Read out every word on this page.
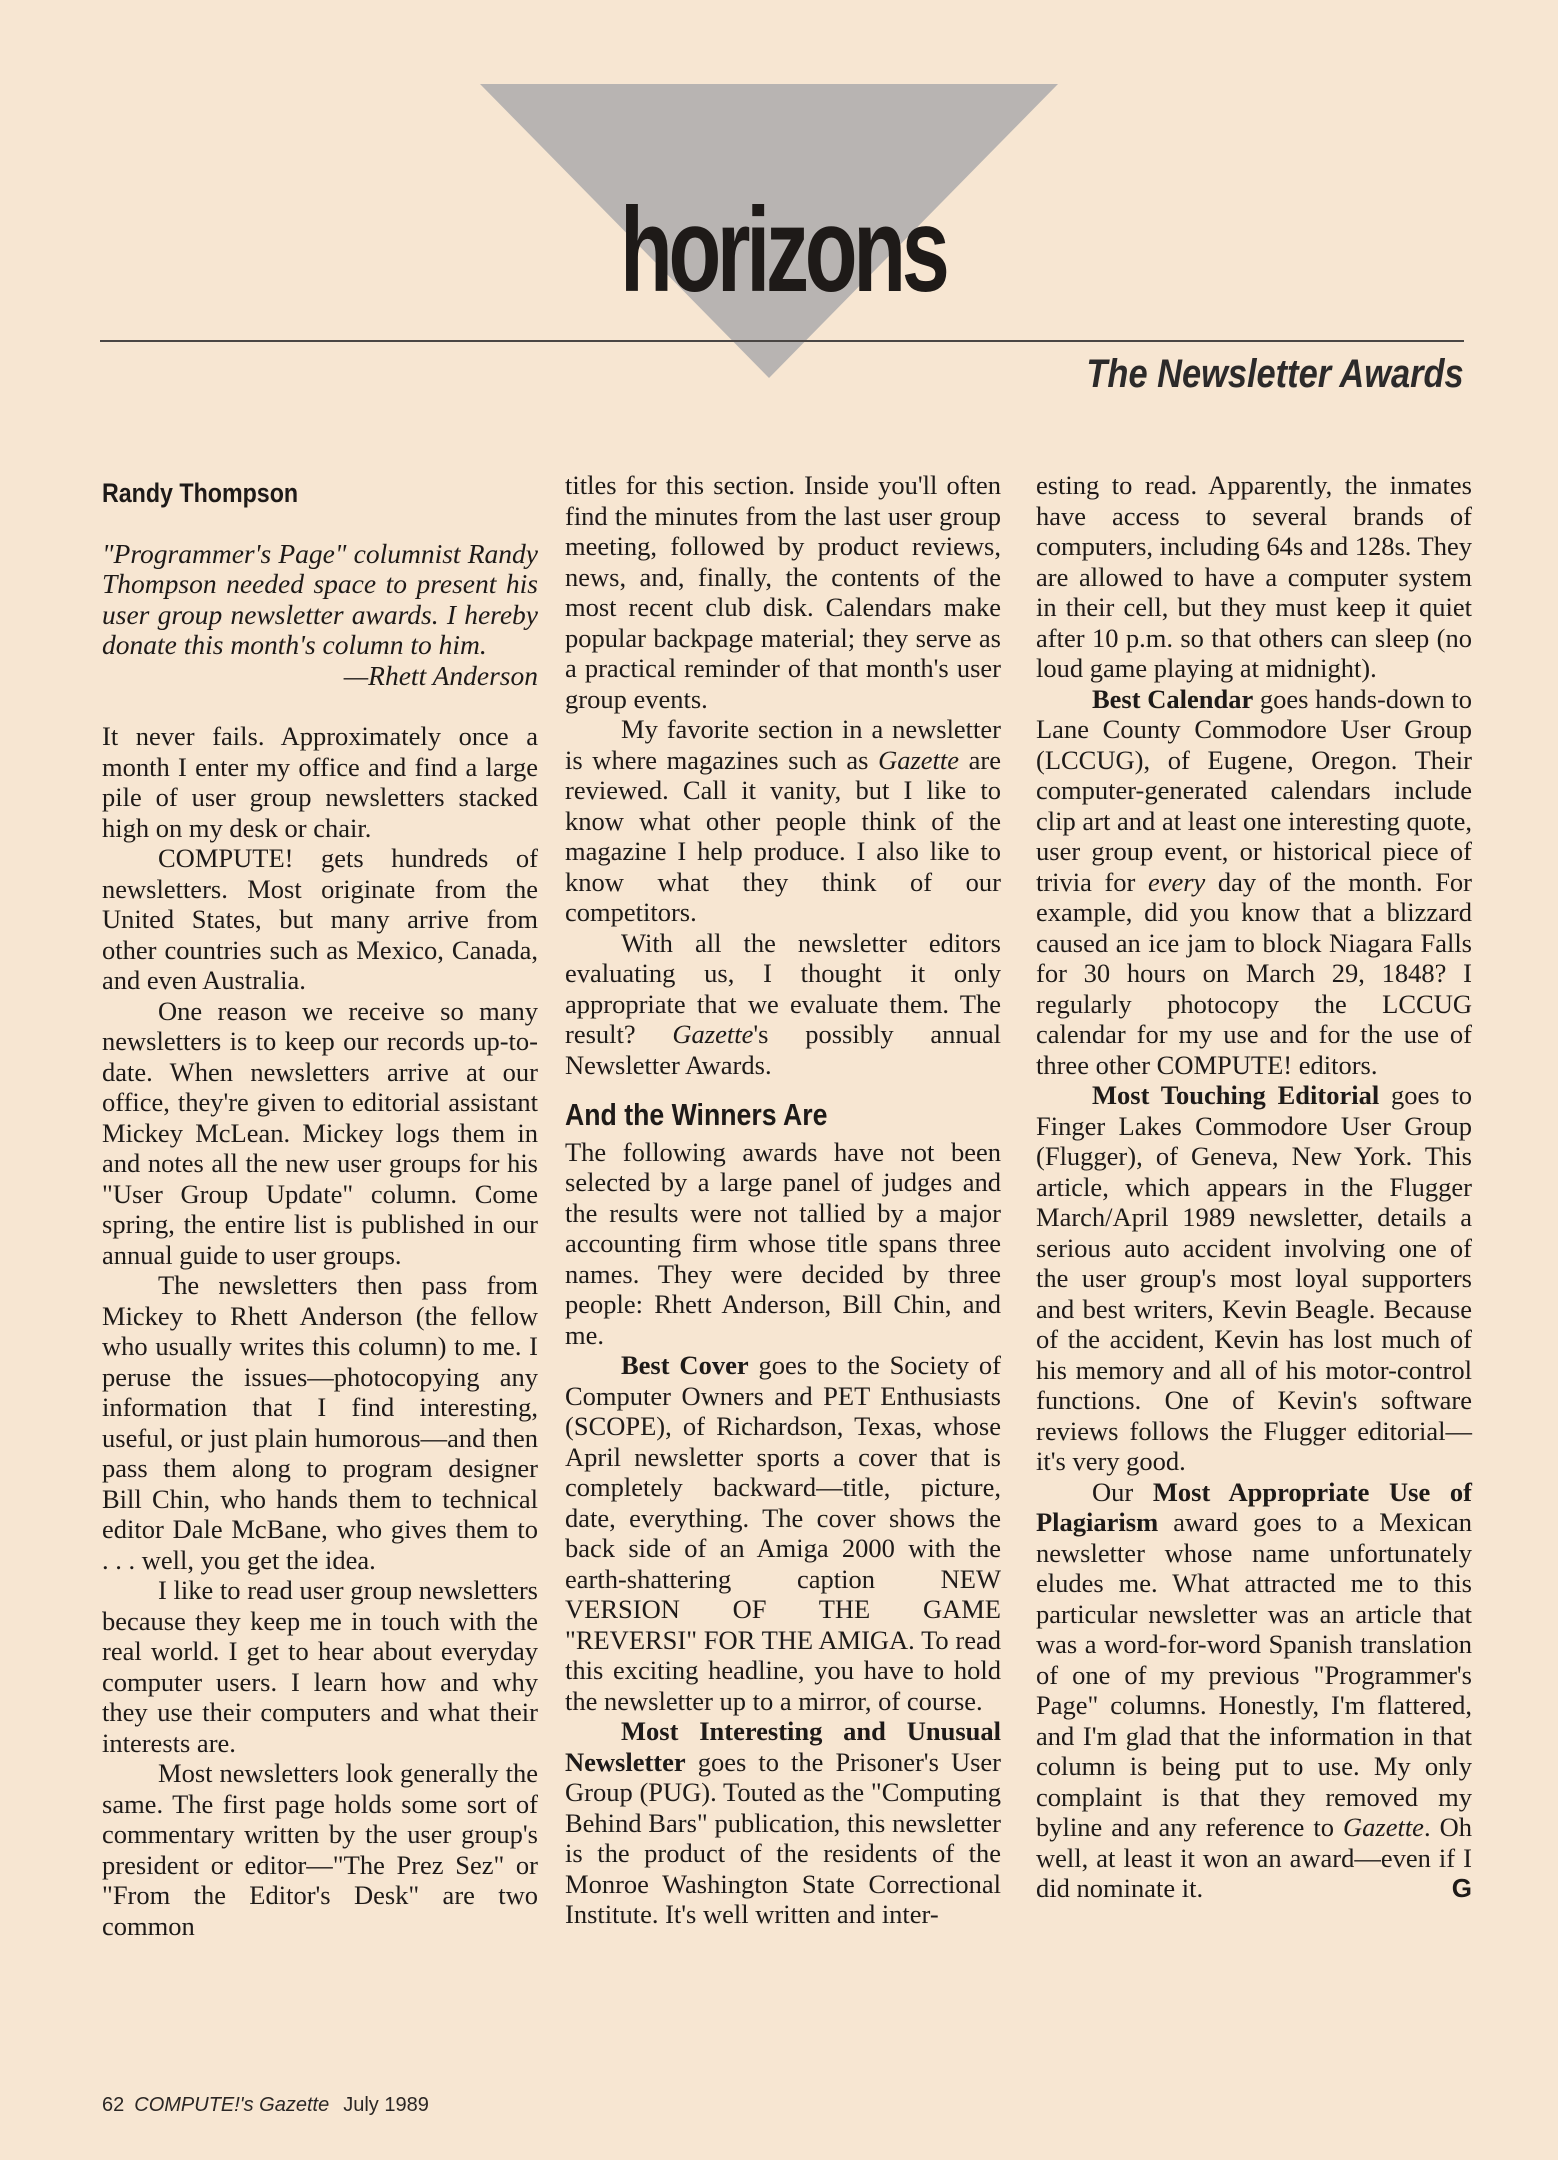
horizons
The Newsletter Awards
Randy Thompson
"Programmer's Page" columnist Randy Thompson needed space to present his user group newsletter awards. I hereby donate this month's column to him.
—Rhett Anderson

It never fails. Approximately once a month I enter my office and find a large pile of user group newsletters stacked high on my desk or chair.

COMPUTE! gets hundreds of newsletters. Most originate from the United States, but many arrive from other countries such as Mexico, Canada, and even Australia.

One reason we receive so many newsletters is to keep our records up-to-date. When newsletters arrive at our office, they're given to editorial assistant Mickey McLean. Mickey logs them in and notes all the new user groups for his "User Group Update" column. Come spring, the entire list is published in our annual guide to user groups.

The newsletters then pass from Mickey to Rhett Anderson (the fellow who usually writes this column) to me. I peruse the issues—photocopying any information that I find interesting, useful, or just plain humorous—and then pass them along to program designer Bill Chin, who hands them to technical editor Dale McBane, who gives them to . . . well, you get the idea.

I like to read user group newsletters because they keep me in touch with the real world. I get to hear about everyday computer users. I learn how and why they use their computers and what their interests are.

Most newsletters look generally the same. The first page holds some sort of commentary written by the user group's president or editor—"The Prez Sez" or "From the Editor's Desk" are two common

titles for this section. Inside you'll often find the minutes from the last user group meeting, followed by product reviews, news, and, finally, the contents of the most recent club disk. Calendars make popular backpage material; they serve as a practical reminder of that month's user group events.

My favorite section in a newsletter is where magazines such as Gazette are reviewed. Call it vanity, but I like to know what other people think of the magazine I help produce. I also like to know what they think of our competitors.

With all the newsletter editors evaluating us, I thought it only appropriate that we evaluate them. The result? Gazette's possibly annual Newsletter Awards.

And the Winners Are

The following awards have not been selected by a large panel of judges and the results were not tallied by a major accounting firm whose title spans three names. They were decided by three people: Rhett Anderson, Bill Chin, and me.

Best Cover goes to the Society of Computer Owners and PET Enthusiasts (SCOPE), of Richardson, Texas, whose April newsletter sports a cover that is completely backward—title, picture, date, everything. The cover shows the back side of an Amiga 2000 with the earth-shattering caption NEW VERSION OF THE GAME "REVERSI" FOR THE AMIGA. To read this exciting headline, you have to hold the newsletter up to a mirror, of course.

Most Interesting and Unusual Newsletter goes to the Prisoner's User Group (PUG). Touted as the "Computing Behind Bars" publication, this newsletter is the product of the residents of the Monroe Washington State Correctional Institute. It's well written and inter-

esting to read. Apparently, the inmates have access to several brands of computers, including 64s and 128s. They are allowed to have a computer system in their cell, but they must keep it quiet after 10 p.m. so that others can sleep (no loud game playing at midnight).

Best Calendar goes hands-down to Lane County Commodore User Group (LCCUG), of Eugene, Oregon. Their computer-generated calendars include clip art and at least one interesting quote, user group event, or historical piece of trivia for every day of the month. For example, did you know that a blizzard caused an ice jam to block Niagara Falls for 30 hours on March 29, 1848? I regularly photocopy the LCCUG calendar for my use and for the use of three other COMPUTE! editors.

Most Touching Editorial goes to Finger Lakes Commodore User Group (Flugger), of Geneva, New York. This article, which appears in the Flugger March/April 1989 newsletter, details a serious auto accident involving one of the user group's most loyal supporters and best writers, Kevin Beagle. Because of the accident, Kevin has lost much of his memory and all of his motor-control functions. One of Kevin's software reviews follows the Flugger editorial—it's very good.

Our Most Appropriate Use of Plagiarism award goes to a Mexican newsletter whose name unfortunately eludes me. What attracted me to this particular newsletter was an article that was a word-for-word Spanish translation of one of my previous "Programmer's Page" columns. Honestly, I'm flattered, and I'm glad that the information in that column is being put to use. My only complaint is that they removed my byline and any reference to Gazette. Oh well, at least it won an award—even if I did nominate it.	G

62 COMPUTE!'s Gazette July 1989
